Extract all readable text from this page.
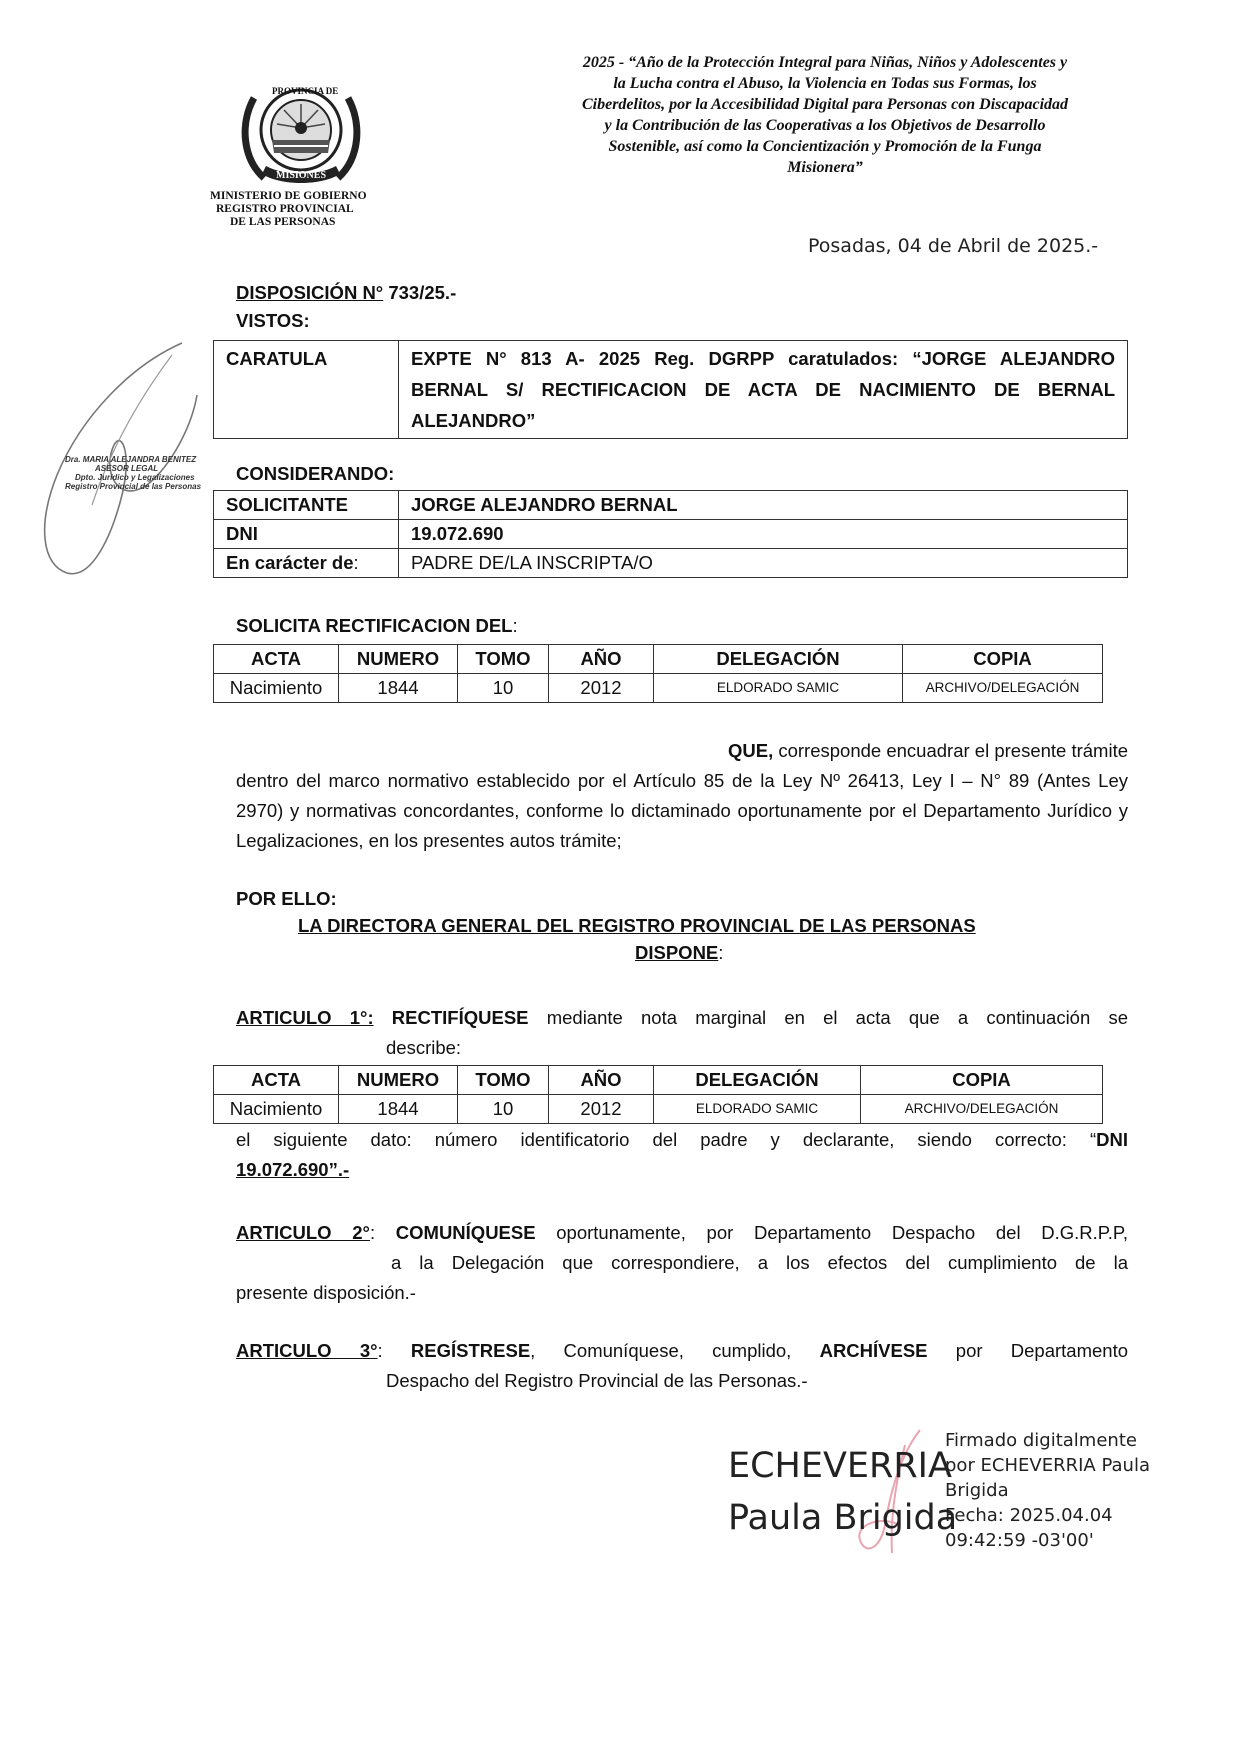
PROVINCIA DE
MISIONES
MINISTERIO DE GOBIERNO
REGISTRO PROVINCIAL
DE LAS PERSONAS
2025 - “Año de la Protección Integral para Niñas, Niños y Adolescentes y
la Lucha contra el Abuso, la Violencia en Todas sus Formas, los
Ciberdelitos, por la Accesibilidad Digital para Personas con Discapacidad
y la Contribución de las Cooperativas a los Objetivos de Desarrollo
Sostenible, así como la Concientización y Promoción de la Funga
Misionera”
Posadas, 04 de Abril de 2025.-
Dra. MARIA ALEJANDRA BENITEZ
ASESOR LEGAL
Dpto. Jurídico y Legalizaciones
Registro Provincial de las Personas
DISPOSICIÓN N° 733/25.-
VISTOS:
CARATULA	EXPTE N° 813 A- 2025 Reg. DGRPP caratulados: “JORGE ALEJANDRO BERNAL S/ RECTIFICACION DE ACTA DE NACIMIENTO DE BERNAL ALEJANDRO”
CONSIDERANDO:
SOLICITANTE	JORGE ALEJANDRO BERNAL
DNI	19.072.690
En carácter de:	PADRE DE/LA INSCRIPTA/O
SOLICITA RECTIFICACION DEL:
ACTA	NUMERO	TOMO	AÑO	DELEGACIÓN	COPIA
Nacimiento	1844	10	2012	ELDORADO SAMIC	ARCHIVO/DELEGACIÓN
QUE, corresponde encuadrar el presente trámite
dentro del marco normativo establecido por el Artículo 85 de la Ley Nº 26413, Ley I – N° 89 (Antes Ley 2970) y normativas concordantes, conforme lo dictaminado oportunamente por el Departamento Jurídico y Legalizaciones, en los presentes autos trámite;
POR ELLO:
LA DIRECTORA GENERAL DEL REGISTRO PROVINCIAL DE LAS PERSONAS
DISPONE:
ARTICULO 1°: RECTIFÍQUESE mediante nota marginal en el acta que a continuación se
describe:
ACTA	NUMERO	TOMO	AÑO	DELEGACIÓN	COPIA
Nacimiento	1844	10	2012	ELDORADO SAMIC	ARCHIVO/DELEGACIÓN
el siguiente dato: número identificatorio del padre y declarante, siendo correcto: “DNI
19.072.690”.-
ARTICULO 2°: COMUNÍQUESE oportunamente, por Departamento Despacho del D.G.R.P.P,
a la Delegación que correspondiere, a los efectos del cumplimiento de la
presente disposición.-
ARTICULO 3°: REGÍSTRESE, Comuníquese, cumplido, ARCHÍVESE por Departamento
Despacho del Registro Provincial de las Personas.-
ECHEVERRIA
Paula Brigida
Firmado digitalmente
por ECHEVERRIA Paula
Brigida
Fecha: 2025.04.04
09:42:59 -03'00'
